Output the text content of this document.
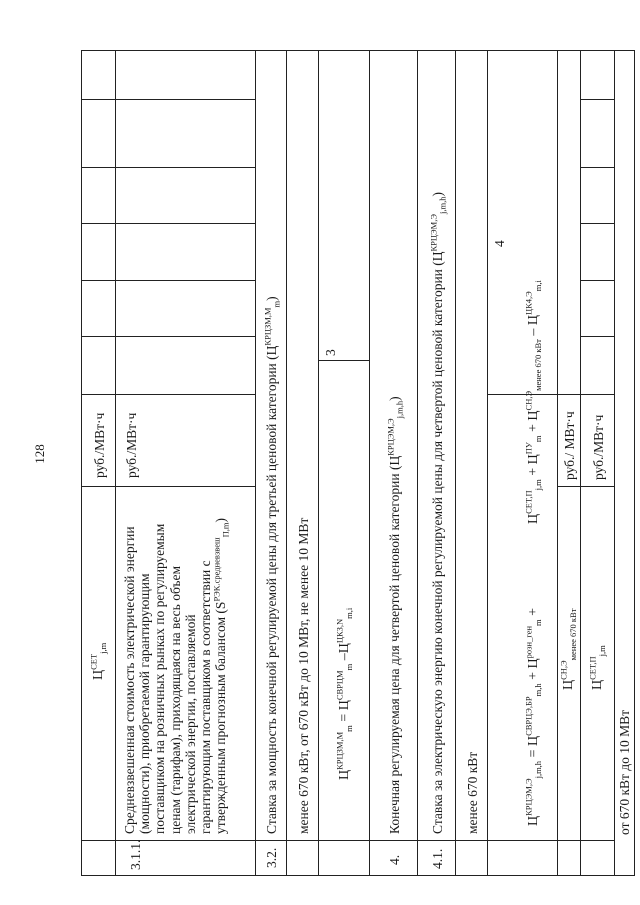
128
$Ц^{СЕТ}_{j,m}$
руб./МВт·ч
3.1.1.
Средневзвешенная стоимость электрической энергии (мощности), приобретаемой гарантирующим поставщиком на розничных рынках по регулируемым ценам (тарифам), приходящаяся на весь объем электрической энергии, поставляемой гарантирующим поставщиком в соответствии с утвержденным прогнозным балансом $(S^{РЭК.средневзвеш}_{П,m})$
руб./МВт·ч
3.2.
Ставка за мощность конечной регулируемой цены для третьей ценовой категории $(Ц^{КРЦЗМ,М}_m)$
менее 670 кВт, от 670 кВт до 10 МВт, не менее 10 МВт $Ц^{КРЦЗМ,М}_m = Ц^{СВРЦМ}_m$ $-Ц^{ЦКЗ,N}_{m,i}$
3
4.
Конечная регулируемая цена для четвертой ценовой категории $(Ц^{КРЦЭМ,Э}_{j,m,h})$
4.1.
Ставка за электрическую энергию конечной регулируемой цены для четвертой ценовой категории $(Ц^{КРЦЭМ,Э}_{j,m,h})$
менее 670 кВт	$Ц^{КРЦЭМ,Э}_{j,m,h} = Ц^{СВРЦЭ,БР}_{m,h} + Ц^{розн\_ген}_m$ +
4
$Ц^{СЕТ,П}_{j,m} + Ц^{ПУ}_m + Ц^{СН,Э}_{менее 670 кВт} - Ц^{ЦК4,Э}_{m,i}$
$Ц^{СН,Э}_{менее 670 кВт}$
руб./ МВт·ч
$Ц^{СЕТ,П}_{j,m}$
руб./МВт·ч
от 670 кВт до 10 МВт
